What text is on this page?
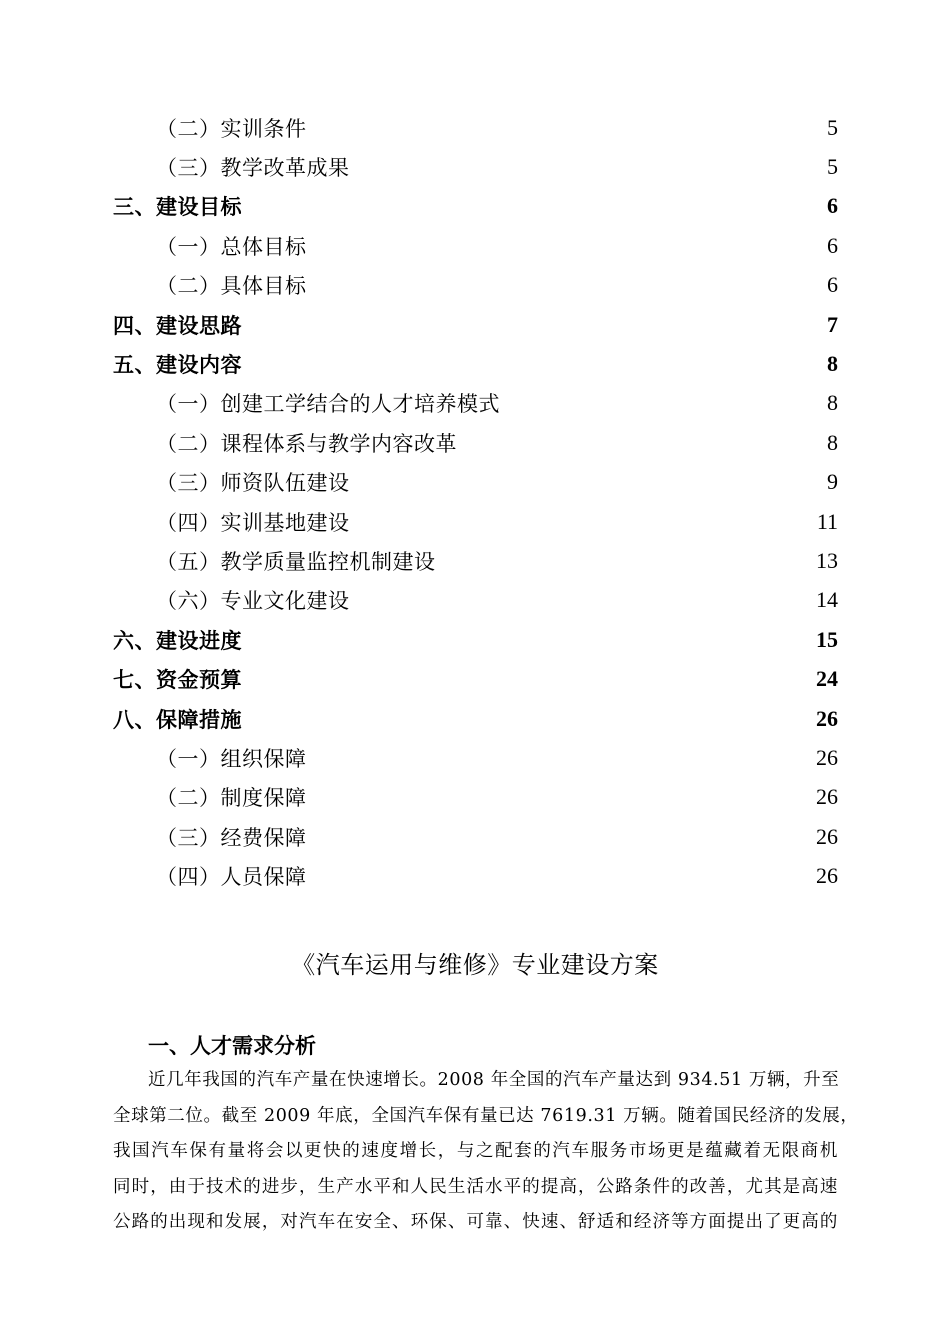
（二）实训条件	5
（三）教学改革成果	5
三、建设目标	6
（一）总体目标	6
（二）具体目标	6
四、建设思路	7
五、建设内容	8
（一）创建工学结合的人才培养模式	8
（二）课程体系与教学内容改革	8
（三）师资队伍建设	9
（四）实训基地建设	11
（五）教学质量监控机制建设	13
（六）专业文化建设	14
六、建设进度	15
七、资金预算	24
八、保障措施	26
（一）组织保障	26
（二）制度保障	26
（三）经费保障	26
（四）人员保障	26
《汽车运用与维修》专业建设方案
一、人才需求分析
近几年我国的汽车产量在快速增长。2008 年全国的汽车产量达到 934.51 万辆，升至
全球第二位。截至 2009 年底，全国汽车保有量已达 7619.31 万辆。随着国民经济的发展，
我国汽车保有量将会以更快的速度增长，与之配套的汽车服务市场更是蕴藏着无限商机
同时，由于技术的进步，生产水平和人民生活水平的提高，公路条件的改善，尤其是高速
公路的出现和发展，对汽车在安全、环保、可靠、快速、舒适和经济等方面提出了更高的
